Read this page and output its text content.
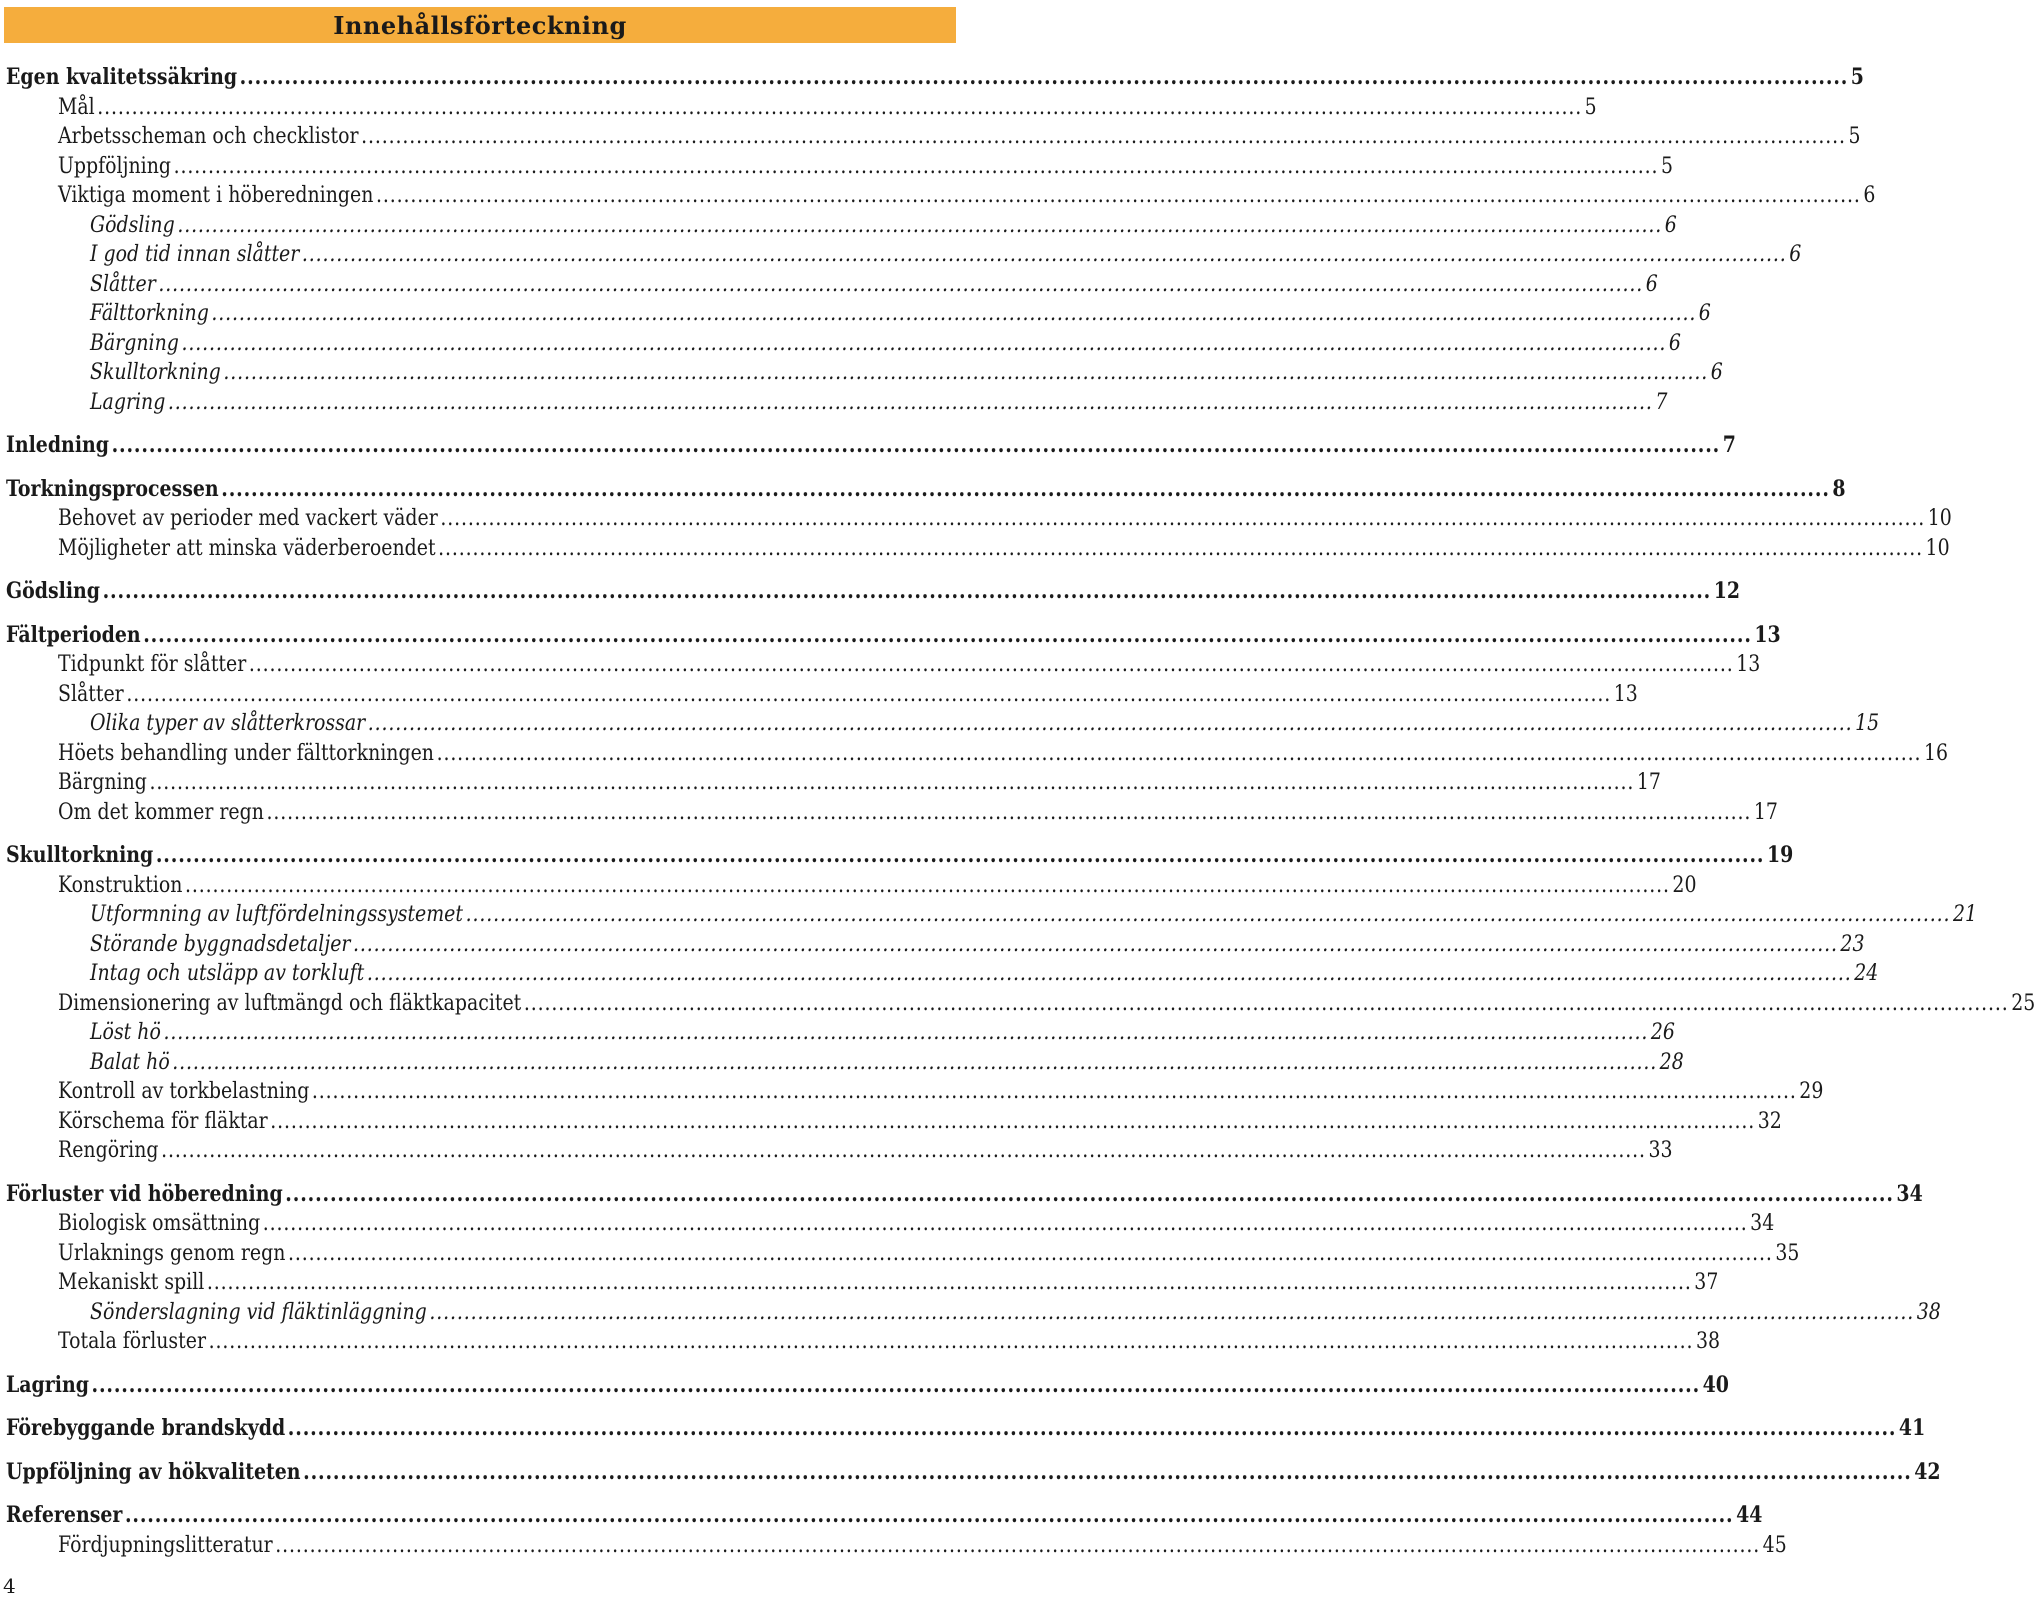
Innehållsförteckning
Egen kvalitetssäkring .....	5
Mål .....	5
Arbetsscheman och checklistor .....	5
Uppföljning .....	5
Viktiga moment i höberedningen .....	6
Gödsling .....	6
I god tid innan slåtter .....	6
Slåtter .....	6
Fälttorkning .....	6
Bärgning .....	6
Skulltorkning .....	6
Lagring .....	7
Inledning .....	7
Torkningsprocessen .....	8
Behovet av perioder med vackert väder .....	10
Möjligheter att minska väderberoendet .....	10
Gödsling .....	12
Fältperioden .....	13
Tidpunkt för slåtter .....	13
Slåtter .....	13
Olika typer av slåtterkrossar .....	15
Höets behandling under fälttorkningen .....	16
Bärgning .....	17
Om det kommer regn .....	17
Skulltorkning .....	19
Konstruktion .....	20
Utformning av luftfördelningssystemet .....	21
Störande byggnadsdetaljer .....	23
Intag och utsläpp av torkluft .....	24
Dimensionering av luftmängd och fläktkapacitet .....	25
Löst hö .....	26
Balat hö .....	28
Kontroll av torkbelastning .....	29
Körschema för fläktar .....	32
Rengöring .....	33
Förluster vid höberedning .....	34
Biologisk omsättning .....	34
Urlaknings genom regn .....	35
Mekaniskt spill .....	37
Sönderslagning vid fläktinläggning .....	38
Totala förluster .....	38
Lagring .....	40
Förebyggande brandskydd .....	41
Uppföljning av hökvaliteten .....	42
Referenser .....	44
Fördjupningslitteratur .....	45
4
